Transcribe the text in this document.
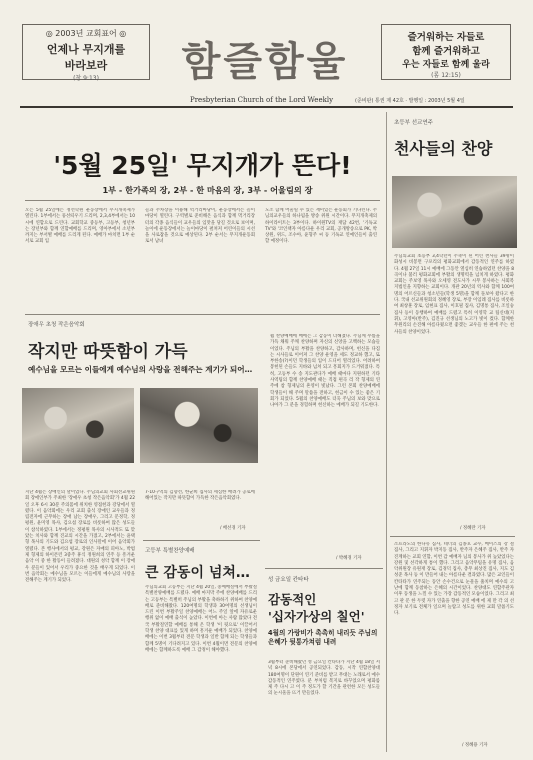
◎ 2003년 교회표어 ◎
언제나 무지개를
바라보라
(창 9:13)	함즐함울
즐거워하는 자들로
함께 즐거워하고
우는 자들로 함께 울라
(롬 12:15)
Presbyterian Church of the Lord Weekly	(준비판) 통권 제 42호 · 발행일 : 2003년 5월 4일
'5월 25일' 무지개가 뜬다!
1부 - 한가족의 장, 2부 - 한 마음의 장, 3부 - 어울림의 장
오는 5월 25일에는 정선학원 운동장에서 무지개축제가 열린다. 1부에서는 풍선띄우기 드리며, 2,3,4부에서는 10시에 연합으로 드린다. 교회학교 중등부, 고등부, 청년부는 장년부와 함께 연합예배를 드리며, 영아부에서 소년부까지는 부서별 예배를 드리게 된다. 예배가 마치면 1부 순서로 교회 입
들과 주차장을 이용해 먹거리마당이, 운동장에서는 놀이마당이 열린다. 구역별로 준비해온 음식과 함께 먹거리장터의 각종 음식들이 교우들의 입맛을 당길 것으로 보이며, 놀이에 운동장에서는 놀이마당이 펼쳐져 어린이들의 시선을 사로잡을 것으로 예상된다. 2부 순서는 무지개운동회로서 남녀
노소 함께 어울릴 수 있는 재미있는 운동회가 기다린다. 주님의교우들의 하나됨을 방송 위원 시간이다. 무지개축제의 하이라이트는 3부이다. 하이원TV의 재담 42번, '기독교 TV'와 '코인책자 아름다운 우리 교회, 공개방송으로 PK, 박상원, 위드, 조수아, 윤형주 씨 등 기독교 연예인들이 출연할 예정이다.
초등부 선교연주
천사들의 찬양
주님의교회 초등부 3,4학년이 주축이 된 어린 천사들 39명이 화성시 비봉면 구포리의 평화교회에서 감동적인 연주를 하였다. 4월 27일 11시 예배에 그동안 열심히 연습하였던 찬양을 8곡이나 불러 평화교회에 부활의 생명력을 넘치게 하였다. 평화교회는 주보영 목사와 오세영 전도사가 시무 봉사하는 사회복지법인을 지향하는 교회이다. 개관 20년의 역사와 함께 100여명의 어르신들과 청소년들(학생 5명)을 함께 돌보아 왔다고 한다. 국내 선교위원회의 정혜영 장로, 부장 이임례 집사를 비롯하여 최창훈 장로, 임현표 집사, 이호필 집사, 김명통 집사, 조일숭 집사 등이 동행하여 예배를 드렸고 특히 이영학 교 팀신대(지휘), 고영아(반주), 김진규 선생님의 노고가 빛이 컸다. 함께한 무원리의 손진해 아름다웠으면 좋겠는 교우들 한 편에 주는 천사들의 찬양이었다.
/ 정혜란 기자
장애우 초청 작은음악회
작지만 따뜻함이 가득
예수님을 모르는 이들에게 예수님의 사랑을 전해주는 계기가 되어…
지난 4월은 장애인의 달이었다. 주님의교회 사회선교위원회 장애인부가 주최한 '장애우 초청 작은음악회'가 4월 22일 오후 6시 30분 주의몸에 위치한 영접헌과 강당에서 열렸다. 이 음악회에는 우리 교회 출석 장애인 교우들과 정립전자에 근무하는 장애 남는 장애우, 그리고 문정학, 정평원, 윤미영 목사, 김요섭 장로를 비롯하여 많은 성도들이 참석하였다. 1부에서는 정평원 목사의 시사적도 또 맞았는 치사와 함께 진교의 시간을 가졌고, 2부에서는 윤택형 목사의 기도와 김요섭 장로의 인사말에 이어 음악회가 열렸다. 본 행사에서의 평교, 강원은 자매의 피아노, 박범제 형제의 하이폰런 3중주 휴식 정원희의 연주 등 흥겨운 음악 이 중 한 활동이 들려졌다. 대원의 성악 함께 이 장애우 분들이 있어서 우리가 중요한 것을 배우게 되었다. 이번 음악회는 예수님을 모르는 이들에게 예수님의 사랑을 전해주는 계기가 되었다.
7-10구역의 김향선, 한균희 집사의 세심한 배려가 공로에 해어있는 작지만 따뜻함이 가득한 작은음악회였다.
/ 배선경 기자
월 찬양예배에 배에는 그 감동이 더해졌다. 주님께 무릎을 가득 채워 주께 찬양하며 자신의 신앙을 고백하는 모습들이었다. 주님의 부활을 찬양하고, 감사하며, 헌신을 다짐는 시사들로 이어져 그 찬양 운영을 세도 정교하 했고, 또 부한송(?)이던 학생들의 입이 드디어 열리었다. 어려하여 봉헌된 손들도 지바와 넘쳐 되고 흥회지가 드거워졌다. 특히, 고등부 수 송 지도관다가 예배 때마다 지원하던 기타 사역팀의 함께 찬양예배 때는 직접 편곡 리 작 형제의 연주에 참 형제님의 흔영이 빛났다. 그런 본회 찬양예배에 학생들이 해 주며 말씀을 전하고, 헌금이 수 있는 좋은 기회가 되었다. 5월의 찬양예배도 더욱 주님의 보와 맞으로 나아가 그 분을 경험하며 헌신하는 예배가 되길 기도한다.
/ 박혜경 기자
고등부 특별찬양예배
큰 감동이 넘쳐…
주님의교회 고등부는 지난 4월 20일, 중예배실에서 부활절 특별찬양예배를 드렸다. 예배 마지막 주에 찬양예배를 드리는 고등부는 특별히 주님의 부활을 축하하기 위하여 찬양예배로 준비해왔다. 120여명의 학생과 30여명의 선생님이 드린 이번 부활주일 찬양예배는 어느 주일 앞에 자유로운 행위 없이 예배 출석이 높았다. 이번에 아는 사람 많았다 전국 부활절연합 예배를 통해 온 학생 '이 뒷으로' 이끌어서 학생 찬양 대표를 있게 하며 흥겨운 예배가 되었다. 찬양예배에는 이번 3월부터 전문 학생과 일반 함께 되는 학생들과 함께 5명이 기다려지고 있다. 이번 4월이면 전문의 찬양예배에는 함께하도록 예배 그 감정이 해야했다.
성 금요일 칸타타
감동적인
'십자가상의 칠언'
4월의 가랑비가 촉촉히 내리듯 주님의 은혜가 뒷통가쳐럼 내려
3월부터 준비해왔던 성 금요일 칸타타가 지난 4월 18일 저녁 8시에 본당에서 공연되었다. 감동, 시작 연합찬양대 180여명이 단원이 연기 준비를 받고 무대는 노래로서 예수 감동적인 연주였다. 분 부처럼 복지로 바꾸었으며 평화롭 제 주 다시 고 이 주 정도가 할 기간을 관련한 모든 성도들의 눈시울을 뜨거 만들었다.
소프라노의 한나유 집사, 테너의 김종호 교수, 베이스의 강 철 집사, 그리고 지휘자 박지동 집사, 반주자 은혜주 집사, 반주 자 진계하는 교회 연합, 이번 감 예배자 님의 봉사가 위 높았었다는 강원 및 선각하게 통이 했다. 그리고 음악무팀을 유명 집사, 음악위원장 유원재 장로, 김경덕 집사, 총무 최상진 집사, 지도 김성준 목사 등 이 만들어 내는 아름다운 결과였다. 많은 교인들이 칸타타가 연주되는 동안 손수건으로 눈물을 훔치며 예수의 고난에 함께 동참하는 은혜의 시간이었다. 찬양대도 연합주관자 이후 동생을 느낄 수 있는 가장 감동적인 모습이었다. 그리고 최 고 관 문 한 두렷 자가 연출을 향한 공연 예배 에 제 만 각 의 선 정자 보기로 전체가 일으며 놀랍고 성도를 위한 교회 말씀기도다.
/ 정혜용 기자
